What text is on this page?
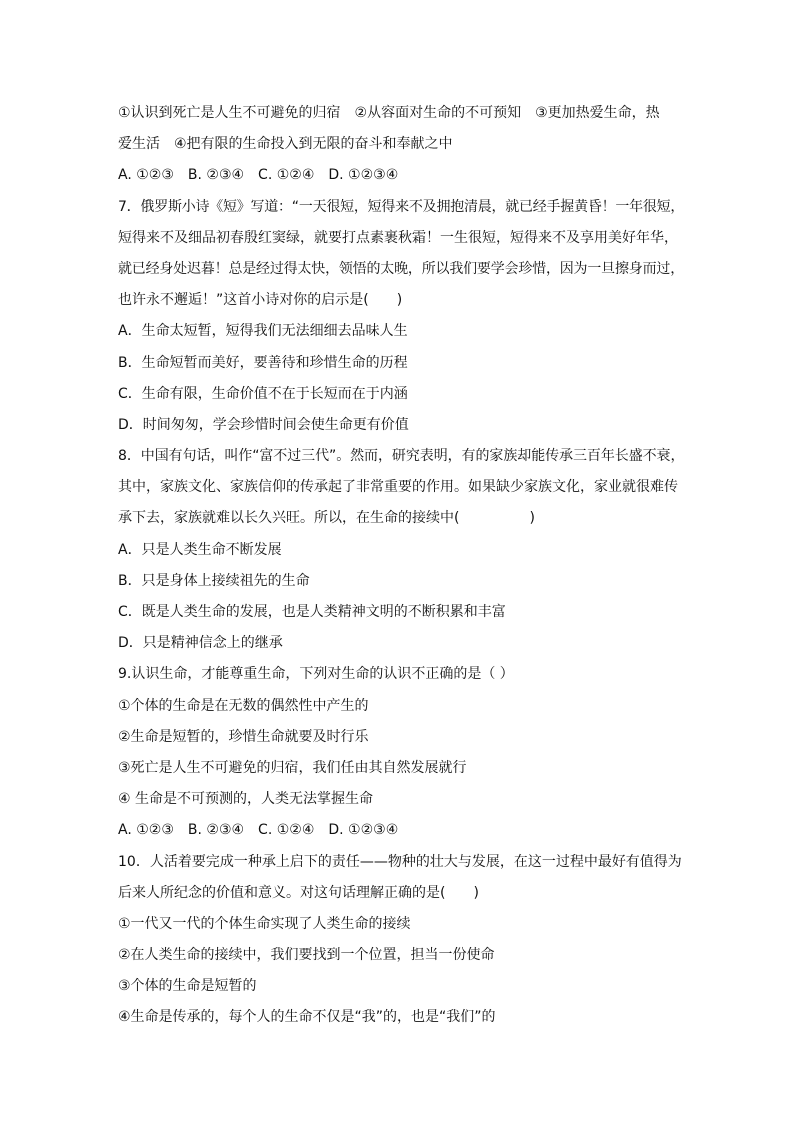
①认识到死亡是人生不可避免的归宿　②从容面对生命的不可预知　③更加热爱生命，热
爱生活　④把有限的生命投入到无限的奋斗和奉献之中
A. ①②③　B. ②③④　C. ①②④　D. ①②③④
7．俄罗斯小诗《短》写道：“一天很短，短得来不及拥抱清晨，就已经手握黄昏！一年很短，
短得来不及细品初春殷红窦绿，就要打点素裹秋霜！一生很短，短得来不及享用美好年华，
就已经身处迟暮！总是经过得太快，领悟的太晚，所以我们要学会珍惜，因为一旦擦身而过，
也许永不邂逅！”这首小诗对你的启示是(　　)
A．生命太短暂，短得我们无法细细去品味人生
B．生命短暂而美好，要善待和珍惜生命的历程
C．生命有限，生命价值不在于长短而在于内涵
D．时间匆匆，学会珍惜时间会使生命更有价值
8．中国有句话，叫作“富不过三代”。然而，研究表明，有的家族却能传承三百年长盛不衰，
其中，家族文化、家族信仰的传承起了非常重要的作用。如果缺少家族文化，家业就很难传
承下去，家族就难以长久兴旺。所以，在生命的接续中(　　　　　)
A．只是人类生命不断发展
B．只是身体上接续祖先的生命
C．既是人类生命的发展，也是人类精神文明的不断积累和丰富
D．只是精神信念上的继承
9.认识生命，才能尊重生命，下列对生命的认识不正确的是（ ）
①个体的生命是在无数的偶然性中产生的
②生命是短暂的，珍惜生命就要及时行乐
③死亡是人生不可避免的归宿，我们任由其自然发展就行
④ 生命是不可预测的，人类无法掌握生命
A. ①②③　B. ②③④　C. ①②④　D. ①②③④
10．人活着要完成一种承上启下的责任——物种的壮大与发展，在这一过程中最好有值得为
后来人所纪念的价值和意义。对这句话理解正确的是(　　)
①一代又一代的个体生命实现了人类生命的接续
②在人类生命的接续中，我们要找到一个位置，担当一份使命
③个体的生命是短暂的
④生命是传承的，每个人的生命不仅是“我”的，也是“我们”的
